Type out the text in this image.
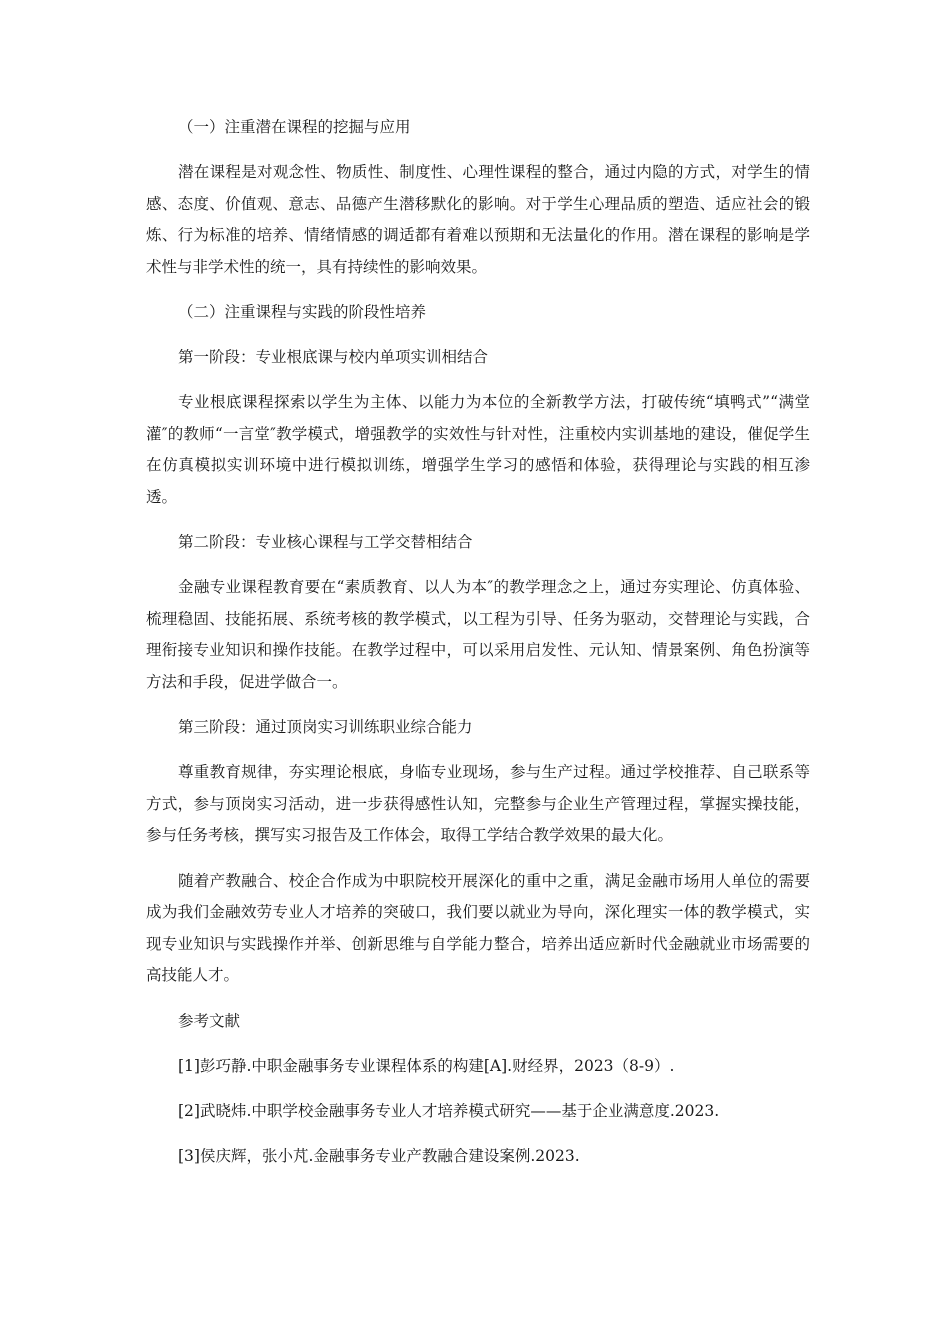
（一）注重潜在课程的挖掘与应用

潜在课程是对观念性、物质性、制度性、心理性课程的整合，通过内隐的方式，对学生的情感、态度、价值观、意志、品德产生潜移默化的影响。对于学生心理品质的塑造、适应社会的锻炼、行为标准的培养、情绪情感的调适都有着难以预期和无法量化的作用。潜在课程的影响是学术性与非学术性的统一，具有持续性的影响效果。

（二）注重课程与实践的阶段性培养

第一阶段：专业根底课与校内单项实训相结合

专业根底课程探索以学生为主体、以能力为本位的全新教学方法，打破传统“填鸭式”“满堂灌″的教师“一言堂″教学模式，增强教学的实效性与针对性，注重校内实训基地的建设，催促学生在仿真模拟实训环境中进行模拟训练，增强学生学习的感悟和体验，获得理论与实践的相互渗透。

第二阶段：专业核心课程与工学交替相结合

金融专业课程教育要在“素质教育、以人为本″的教学理念之上，通过夯实理论、仿真体验、梳理稳固、技能拓展、系统考核的教学模式，以工程为引导、任务为驱动，交替理论与实践，合理衔接专业知识和操作技能。在教学过程中，可以采用启发性、元认知、情景案例、角色扮演等方法和手段，促进学做合一。

第三阶段：通过顶岗实习训练职业综合能力

尊重教育规律，夯实理论根底，身临专业现场，参与生产过程。通过学校推荐、自己联系等方式，参与顶岗实习活动，进一步获得感性认知，完整参与企业生产管理过程，掌握实操技能，参与任务考核，撰写实习报告及工作体会，取得工学结合教学效果的最大化。

随着产教融合、校企合作成为中职院校开展深化的重中之重，满足金融市场用人单位的需要成为我们金融效劳专业人才培养的突破口，我们要以就业为导向，深化理实一体的教学模式，实现专业知识与实践操作并举、创新思维与自学能力整合，培养出适应新时代金融就业市场需要的高技能人才。

参考文献

[1]彭巧静.中职金融事务专业课程体系的构建[A].财经界，2023（8-9）.

[2]武晓炜.中职学校金融事务专业人才培养模式研究——基于企业满意度.2023.

[3]侯庆辉，张小芃.金融事务专业产教融合建设案例.2023.
